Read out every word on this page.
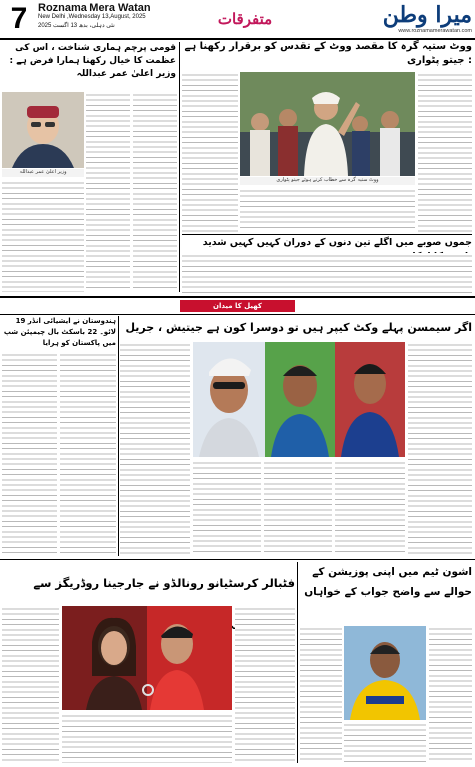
7 Roznama Mera Watan
New Delhi ,Wednesday 13,August, 2025
نئی دہلی، بدھ 13 اگست 2025	متفرقات	میرا وطن
www.roznamamerawatan.com
قومی پرچم ہماری شناخت ، اس کی عظمت کا خیال رکھنا ہمارا فرض ہے : وزیر اعلیٰ عمر عبداللہ
وزیر اعلیٰ عمر عبداللہ
ووٹ ستیہ گرہ کا مقصد ووٹ کے تقدس کو برقرار رکھنا ہے : جیتو پٹواری
ووٹ ستیہ گرہ سے خطاب کرتے ہوئے جیتو پٹواری
جموں صوبے میں اگلے تین دنوں کے دوران کہیں کہیں شدید
کھیل کا میدان
اگر سیمسن پہلے وکٹ کیپر ہیں تو دوسرا کون ہے جیتیش ، جریل
ہندوستان نے ایشیائی انڈر 19 لائو۔ 22 باسکٹ بال چیمپئن شپ میں پاکستان کو ہرایا
فٹبالر کرسٹیانو رونالڈو نے جارجینا روڈریگز سے
اشون ٹیم میں اپنی پوزیشن کے حوالے سے واضح جواب کے خواہاں
